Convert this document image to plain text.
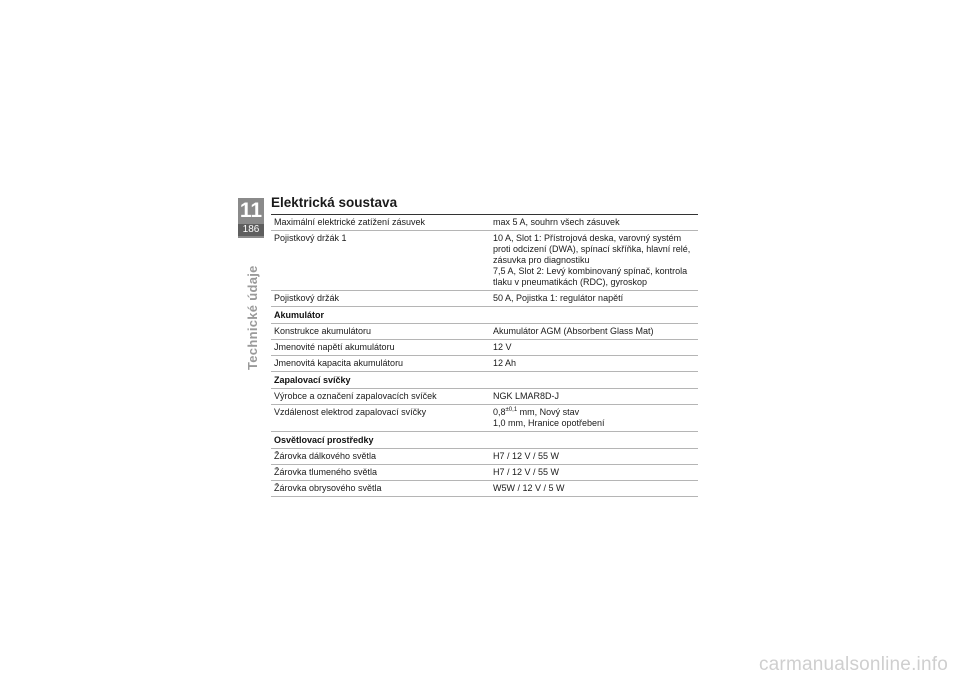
11
186
Technické údaje
Elektrická soustava
Maximální elektrické zatížení zásuvek	max 5 A, souhrn všech zásuvek
Pojistkový držák 1	10 A, Slot 1: Přístrojová deska, varovný systém
proti odcizení (DWA), spínací skříňka, hlavní relé,
zásuvka pro diagnostiku
7,5 A, Slot 2: Levý kombinovaný spínač, kontrola
tlaku v pneumatikách (RDC), gyroskop

Pojistkový držák	50 A, Pojistka 1: regulátor napětí
Akumulátor	
Konstrukce akumulátoru	Akumulátor AGM (Absorbent Glass Mat)
Jmenovité napětí akumulátoru	12 V
Jmenovitá kapacita akumulátoru	12 Ah
Zapalovací svíčky	
Výrobce a označení zapalovacích svíček	NGK LMAR8D-J
Vzdálenost elektrod zapalovací svíčky	$0,8^{\pm 0,1}$ mm, Nový stav
1,0 mm, Hranice opotřebení

Osvětlovací prostředky	
Žárovka dálkového světla	H7 / 12 V / 55 W
Žárovka tlumeného světla	H7 / 12 V / 55 W
Žárovka obrysového světla	W5W / 12 V / 5 W
carmanualsonline.info
